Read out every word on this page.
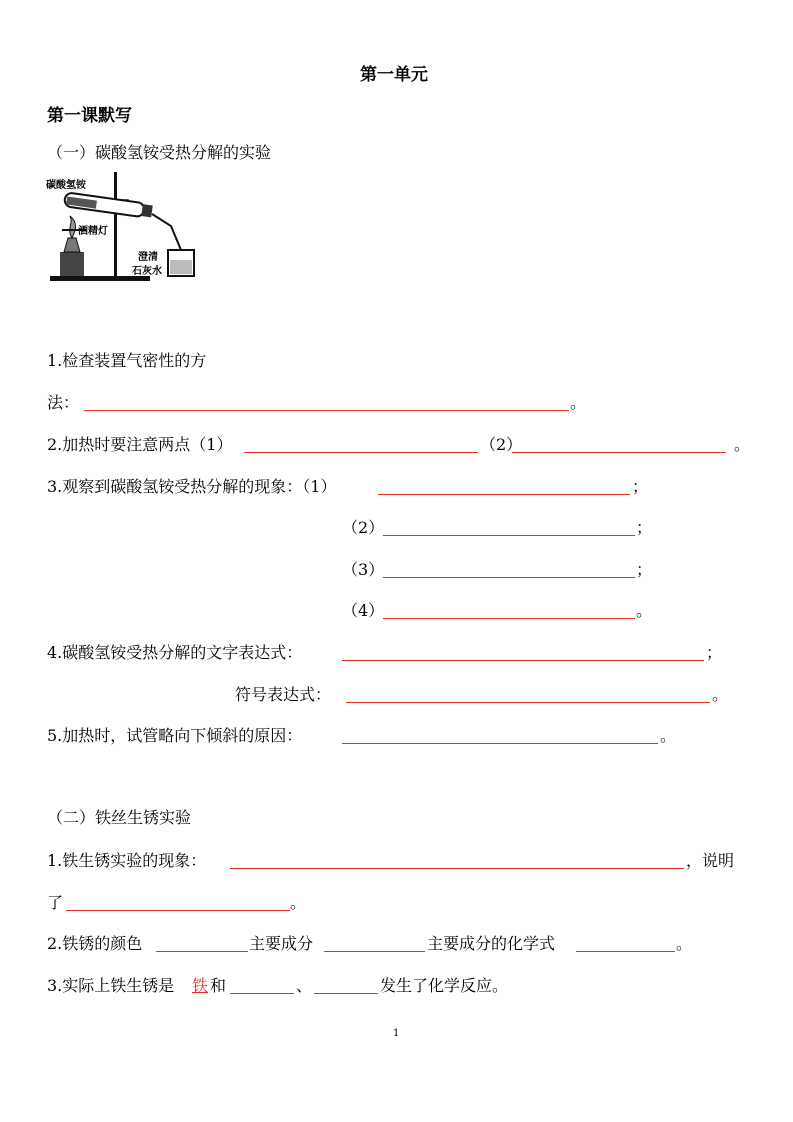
第一单元
第一课默写
（一）碳酸氢铵受热分解的实验
碳酸氢铵
酒精灯
澄清
石灰水
1.检查装置气密性的方
法：	。
2.加热时要注意两点（1）	（2）	。
3.观察到碳酸氢铵受热分解的现象：（1）	；
（2）	；
（3）	；
（4）	。
4.碳酸氢铵受热分解的文字表达式：	；
符号表达式：	。
5.加热时，试管略向下倾斜的原因：	。
（二）铁丝生锈实验
1.铁生锈实验的现象：	，说明
了	。
2.铁锈的颜色	主要成分	主要成分的化学式	。
3.实际上铁生锈是 铁 和	、	发生了化学反应。
1
